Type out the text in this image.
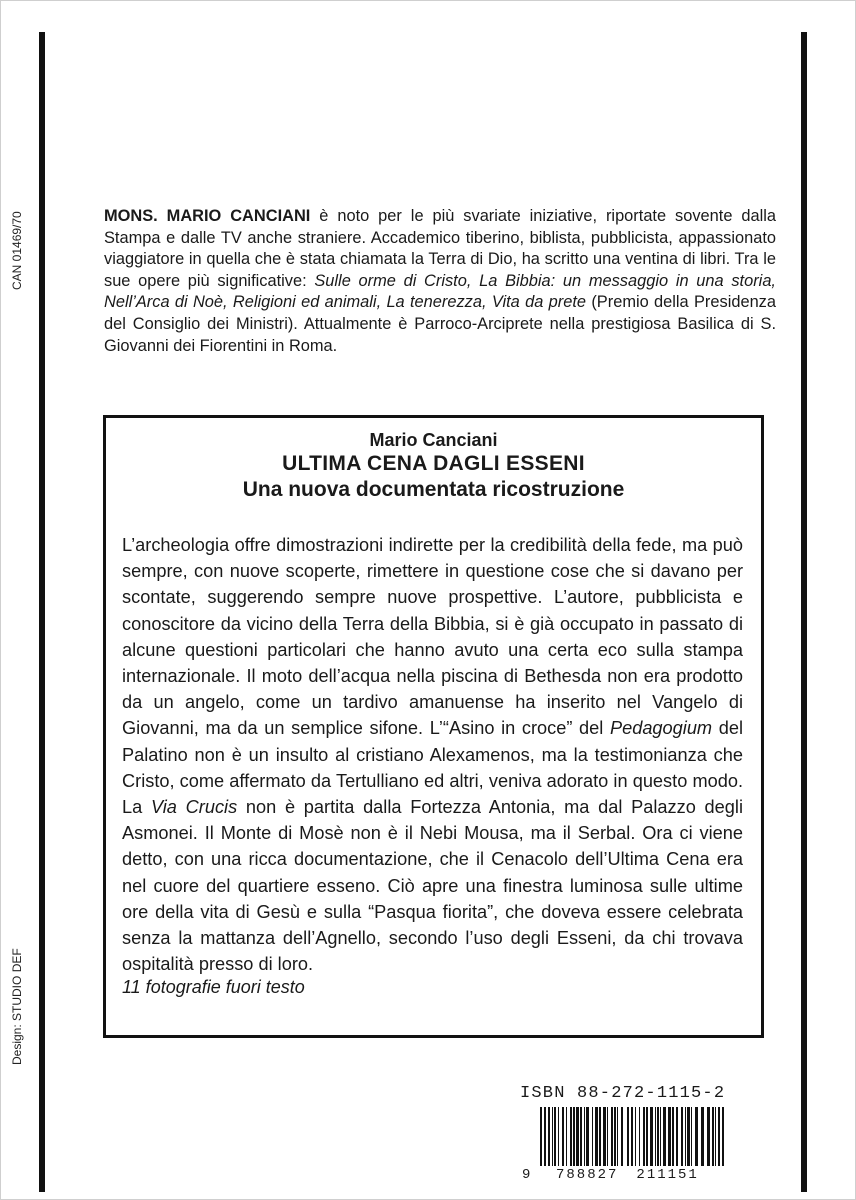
CAN 01469/70
Design: STUDIO DEF
MONS. MARIO CANCIANI è noto per le più svariate iniziative, riportate sovente dalla Stampa e dalle TV anche straniere. Accademico tiberino, biblista, pubblicista, appassionato viaggiatore in quella che è stata chiamata la Terra di Dio, ha scritto una ventina di libri. Tra le sue opere più significative: Sulle orme di Cristo, La Bibbia: un messaggio in una storia, Nell’Arca di Noè, Religioni ed animali, La tenerezza, Vita da prete (Premio della Presidenza del Consiglio dei Ministri). Attualmente è Parroco-Arciprete nella prestigiosa Basilica di S. Giovanni dei Fiorentini in Roma.
Mario Canciani
ULTIMA CENA DAGLI ESSENI
Una nuova documentata ricostruzione
L’archeologia offre dimostrazioni indirette per la credibilità della fede, ma può sempre, con nuove scoperte, rimettere in questione cose che si davano per scontate, suggerendo sempre nuove prospettive. L’autore, pubblicista e conoscitore da vicino della Terra della Bibbia, si è già occupato in passato di alcune questioni particolari che hanno avuto una certa eco sulla stampa internazionale. Il moto dell’acqua nella piscina di Bethesda non era prodotto da un angelo, come un tardivo amanuense ha inserito nel Vangelo di Giovanni, ma da un semplice sifone. L’“Asino in croce” del Pedagogium del Palatino non è un insulto al cristiano Alexamenos, ma la testimonianza che Cristo, come affermato da Tertulliano ed altri, veniva adorato in questo modo. La Via Crucis non è partita dalla Fortezza Antonia, ma dal Palazzo degli Asmonei. Il Monte di Mosè non è il Nebi Mousa, ma il Serbal. Ora ci viene detto, con una ricca documentazione, che il Cenacolo dell’Ultima Cena era nel cuore del quartiere esseno. Ciò apre una finestra luminosa sulle ultime ore della vita di Gesù e sulla “Pasqua fiorita”, che doveva essere celebrata senza la mattanza dell’Agnello, secondo l’uso degli Esseni, da chi trovava ospitalità presso di loro.
11 fotografie fuori testo
ISBN 88-272-1115-2
9	788827 211151
